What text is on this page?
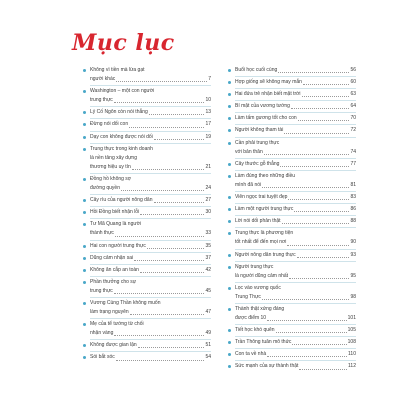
Mục lục
Không vì tiền mà lừa gạt
người khác	7
Washington – một con người
trung thực	10
Lý Cố Ngôn còn nói thẳng	13
Đừng nói dối con	17
Dạy con không được nói dối	19
Trung thực trong kinh doanh
là nền tảng xây dựng
thương hiệu uy tín	21
Đồng hồ không sợ
đường quyền	24
Cây rìu của người nông dân	27
Hồi Đồng biết nhận lỗi	30
Tư Mã Quang là người
thành thực	33
Hai con người trung thực	35
Dũng cảm nhận sai	37
Không ăn cắp an toàn	42
Phần thưởng cho sự
trung thực	45
Vương Cùng Thần không muốn
làm trạng nguyên	47
Mẹ của tể tướng từ chối
nhận vàng	49
Không được gian lận	51
Sói bắt sóc	54
Buổi học cuối cùng	56
Hợp giống sẽ không may mắn	60
Hai đứa trẻ nhận biết mặt trời	63
Bí mật của vương tướng	64
Làm tấm gương tốt cho con	70
Người không tham tài	72
Cần phải trung thực
với bản thân	74
Cây thước gỗ thẳng	77
Làm đúng theo những điều
mình đã nói	81
Viên ngọc trai tuyệt đẹp	83
Làm một người trung thực	86
Lời nói dối phản thật	88
Trung thực là phương tiện
tốt nhất để đến mọi nơi	90
Người nông dân trung thực	93
Người trung thực
là người dũng cảm nhất	95
Lọc vào vương quốc
Trung Thực	98
Thành thật xứng đáng
được điểm 10	101
Tiết học khó quên	105
Trần Thông tuân mô thức	108
Con ta về nhà	110
Sức mạnh của sự thành thật	112
